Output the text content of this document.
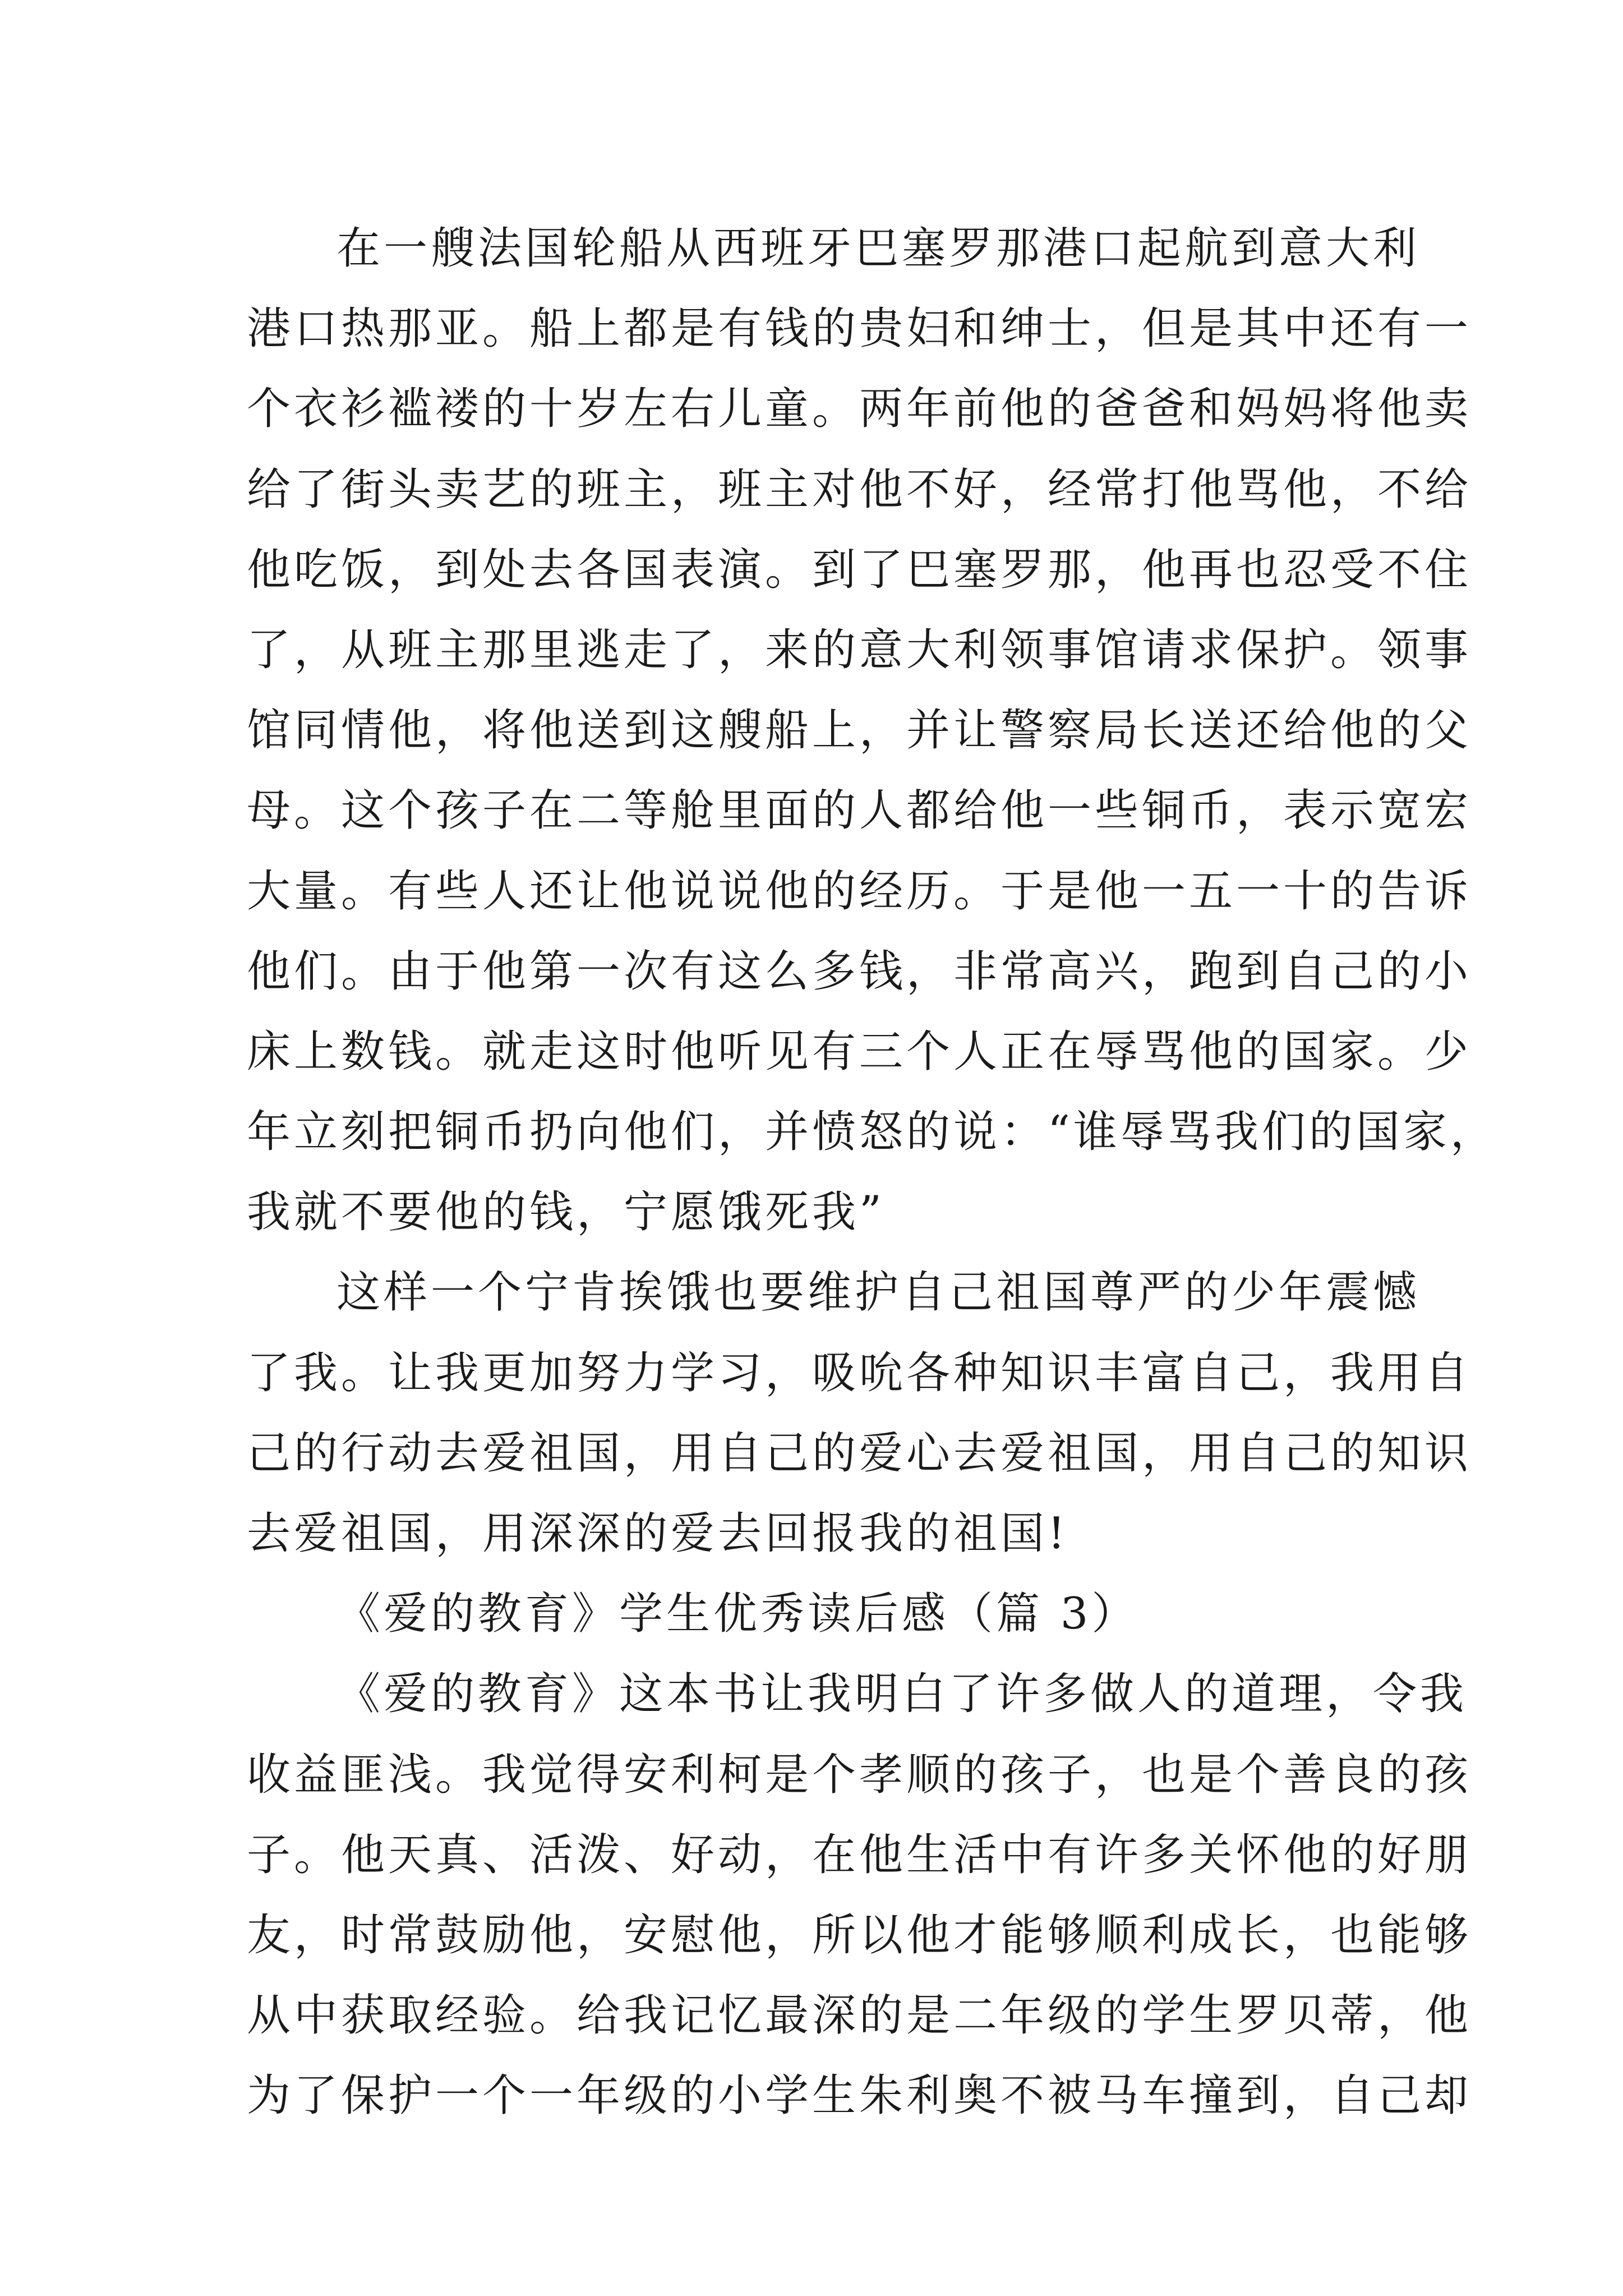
在一艘法国轮船从西班牙巴塞罗那港口起航到意大利
港口热那亚。船上都是有钱的贵妇和绅士，但是其中还有一
个衣衫褴褛的十岁左右儿童。两年前他的爸爸和妈妈将他卖
给了街头卖艺的班主，班主对他不好，经常打他骂他，不给
他吃饭，到处去各国表演。到了巴塞罗那，他再也忍受不住
了，从班主那里逃走了，来的意大利领事馆请求保护。领事
馆同情他，将他送到这艘船上，并让警察局长送还给他的父
母。这个孩子在二等舱里面的人都给他一些铜币，表示宽宏
大量。有些人还让他说说他的经历。于是他一五一十的告诉
他们。由于他第一次有这么多钱，非常高兴，跑到自己的小
床上数钱。就走这时他听见有三个人正在辱骂他的国家。少
年立刻把铜币扔向他们，并愤怒的说：“谁辱骂我们的国家，
我就不要他的钱，宁愿饿死我”
这样一个宁肯挨饿也要维护自己祖国尊严的少年震憾
了我。让我更加努力学习，吸吮各种知识丰富自己，我用自
己的行动去爱祖国，用自己的爱心去爱祖国，用自己的知识
去爱祖国，用深深的爱去回报我的祖国!
《爱的教育》学生优秀读后感（篇 3）
《爱的教育》这本书让我明白了许多做人的道理，令我
收益匪浅。我觉得安利柯是个孝顺的孩子，也是个善良的孩
子。他天真、活泼、好动，在他生活中有许多关怀他的好朋
友，时常鼓励他，安慰他，所以他才能够顺利成长，也能够
从中获取经验。给我记忆最深的是二年级的学生罗贝蒂，他
为了保护一个一年级的小学生朱利奥不被马车撞到，自己却
